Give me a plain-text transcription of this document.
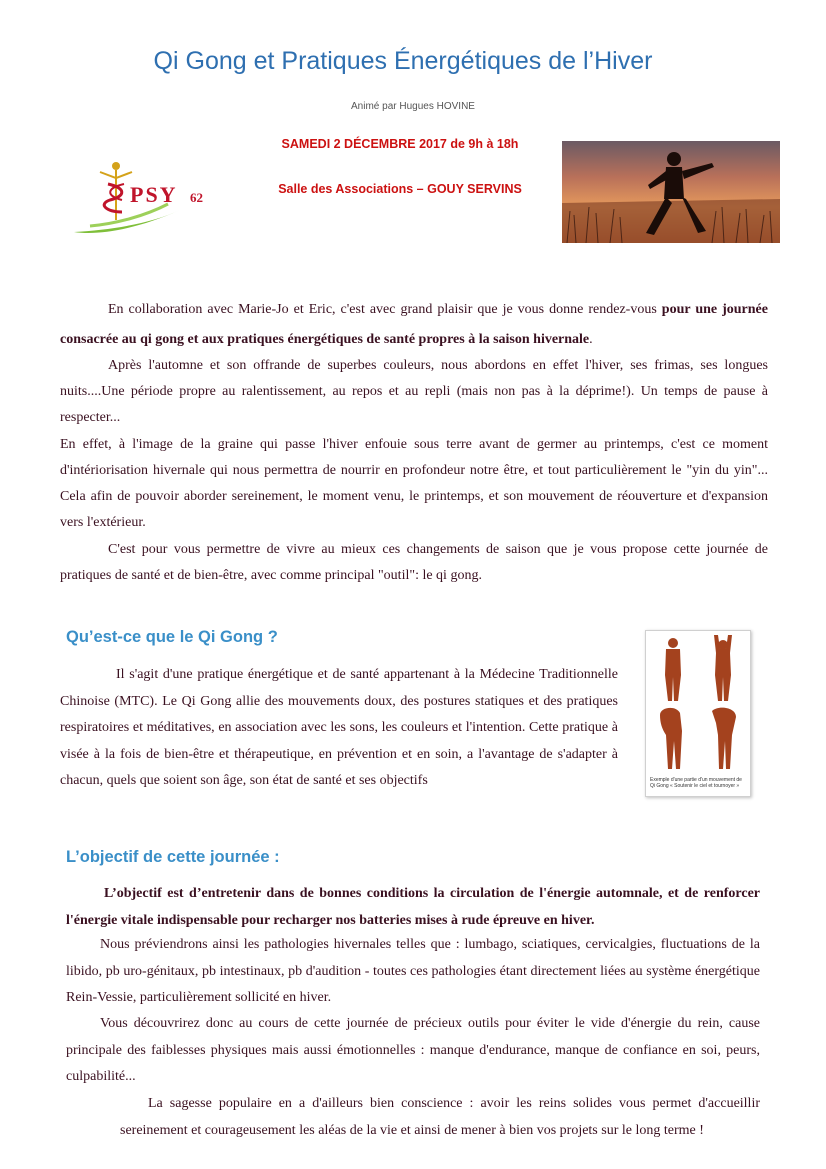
Qi Gong et Pratiques Énergétiques de l’Hiver
Animé par Hugues HOVINE
SAMEDI 2 DÉCEMBRE 2017 de 9h à 18h
Salle des Associations – GOUY SERVINS
PSY 62

En collaboration avec Marie-Jo et Eric, c'est avec grand plaisir que je vous donne rendez-vous pour une journée consacrée au qi gong et aux pratiques énergétiques de santé propres à la saison hivernale.

Après l'automne et son offrande de superbes couleurs, nous abordons en effet l'hiver, ses frimas, ses longues nuits....Une période propre au ralentissement, au repos et au repli (mais non pas à la déprime!). Un temps de pause à respecter...

En effet, à l'image de la graine qui passe l'hiver enfouie sous terre avant de germer au printemps, c'est ce moment d'intériorisation hivernale qui nous permettra de nourrir en profondeur notre être, et tout particulièrement le "yin du yin"... Cela afin de pouvoir aborder sereinement, le moment venu, le printemps, et son mouvement de réouverture et d'expansion vers l'extérieur.

C'est pour vous permettre de vivre au mieux ces changements de saison que je vous propose cette journée de pratiques de santé et de bien-être, avec comme principal "outil": le qi gong.

Qu’est-ce que le Qi Gong ?

Il s'agit d'une pratique énergétique et de santé appartenant à la Médecine Traditionnelle Chinoise (MTC). Le Qi Gong allie des mouvements doux, des postures statiques et des pratiques respiratoires et méditatives, en association avec les sons, les couleurs et l'intention. Cette pratique à visée à la fois de bien-être et thérapeutique, en prévention et en soin, a l'avantage de s'adapter à chacun, quels que soient son âge, son état de santé et ses objectifs	Exemple d'une partie d'un mouvement de Qi Gong « Soutenir le ciel et tournoyer »
L’objectif de cette journée :

L’objectif est d’entretenir dans de bonnes conditions la circulation de l'énergie automnale, et de renforcer l'énergie vitale indispensable pour recharger nos batteries mises à rude épreuve en hiver.

Nous préviendrons ainsi les pathologies hivernales telles que : lumbago, sciatiques, cervicalgies, fluctuations de la libido, pb uro-génitaux, pb intestinaux, pb d'audition - toutes ces pathologies étant directement liées au système énergétique Rein-Vessie, particulièrement sollicité en hiver.

Vous découvrirez donc au cours de cette journée de précieux outils pour éviter le vide d'énergie du rein, cause principale des faiblesses physiques mais aussi émotionnelles : manque d'endurance, manque de confiance en soi, peurs, culpabilité...

La sagesse populaire en a d'ailleurs bien conscience : avoir les reins solides vous permet d'accueillir sereinement et courageusement les aléas de la vie et ainsi de mener à bien vos projets sur le long terme !
